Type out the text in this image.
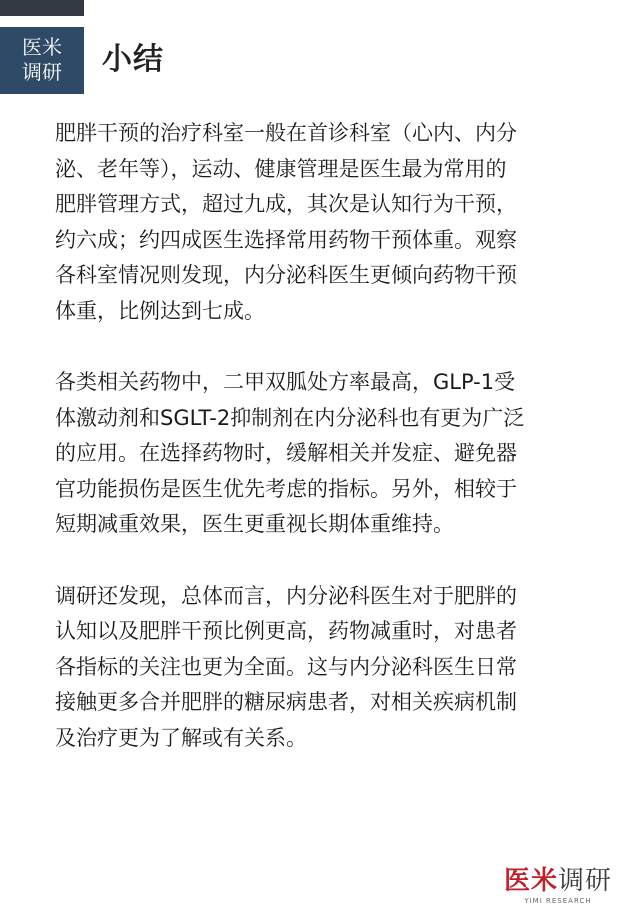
医米
调研	小结

肥胖干预的治疗科室一般在首诊科室（心内、内分
泌、老年等），运动、健康管理是医生最为常用的
肥胖管理方式，超过九成，其次是认知行为干预，
约六成；约四成医生选择常用药物干预体重。观察
各科室情况则发现，内分泌科医生更倾向药物干预
体重，比例达到七成。

各类相关药物中，二甲双胍处方率最高，GLP-1受
体激动剂和SGLT-2抑制剂在内分泌科也有更为广泛
的应用。在选择药物时，缓解相关并发症、避免器
官功能损伤是医生优先考虑的指标。另外，相较于
短期减重效果，医生更重视长期体重维持。

调研还发现，总体而言，内分泌科医生对于肥胖的
认知以及肥胖干预比例更高，药物减重时，对患者
各指标的关注也更为全面。这与内分泌科医生日常
接触更多合并肥胖的糖尿病患者，对相关疾病机制
及治疗更为了解或有关系。

医米调研
YIMI RESEARCH
